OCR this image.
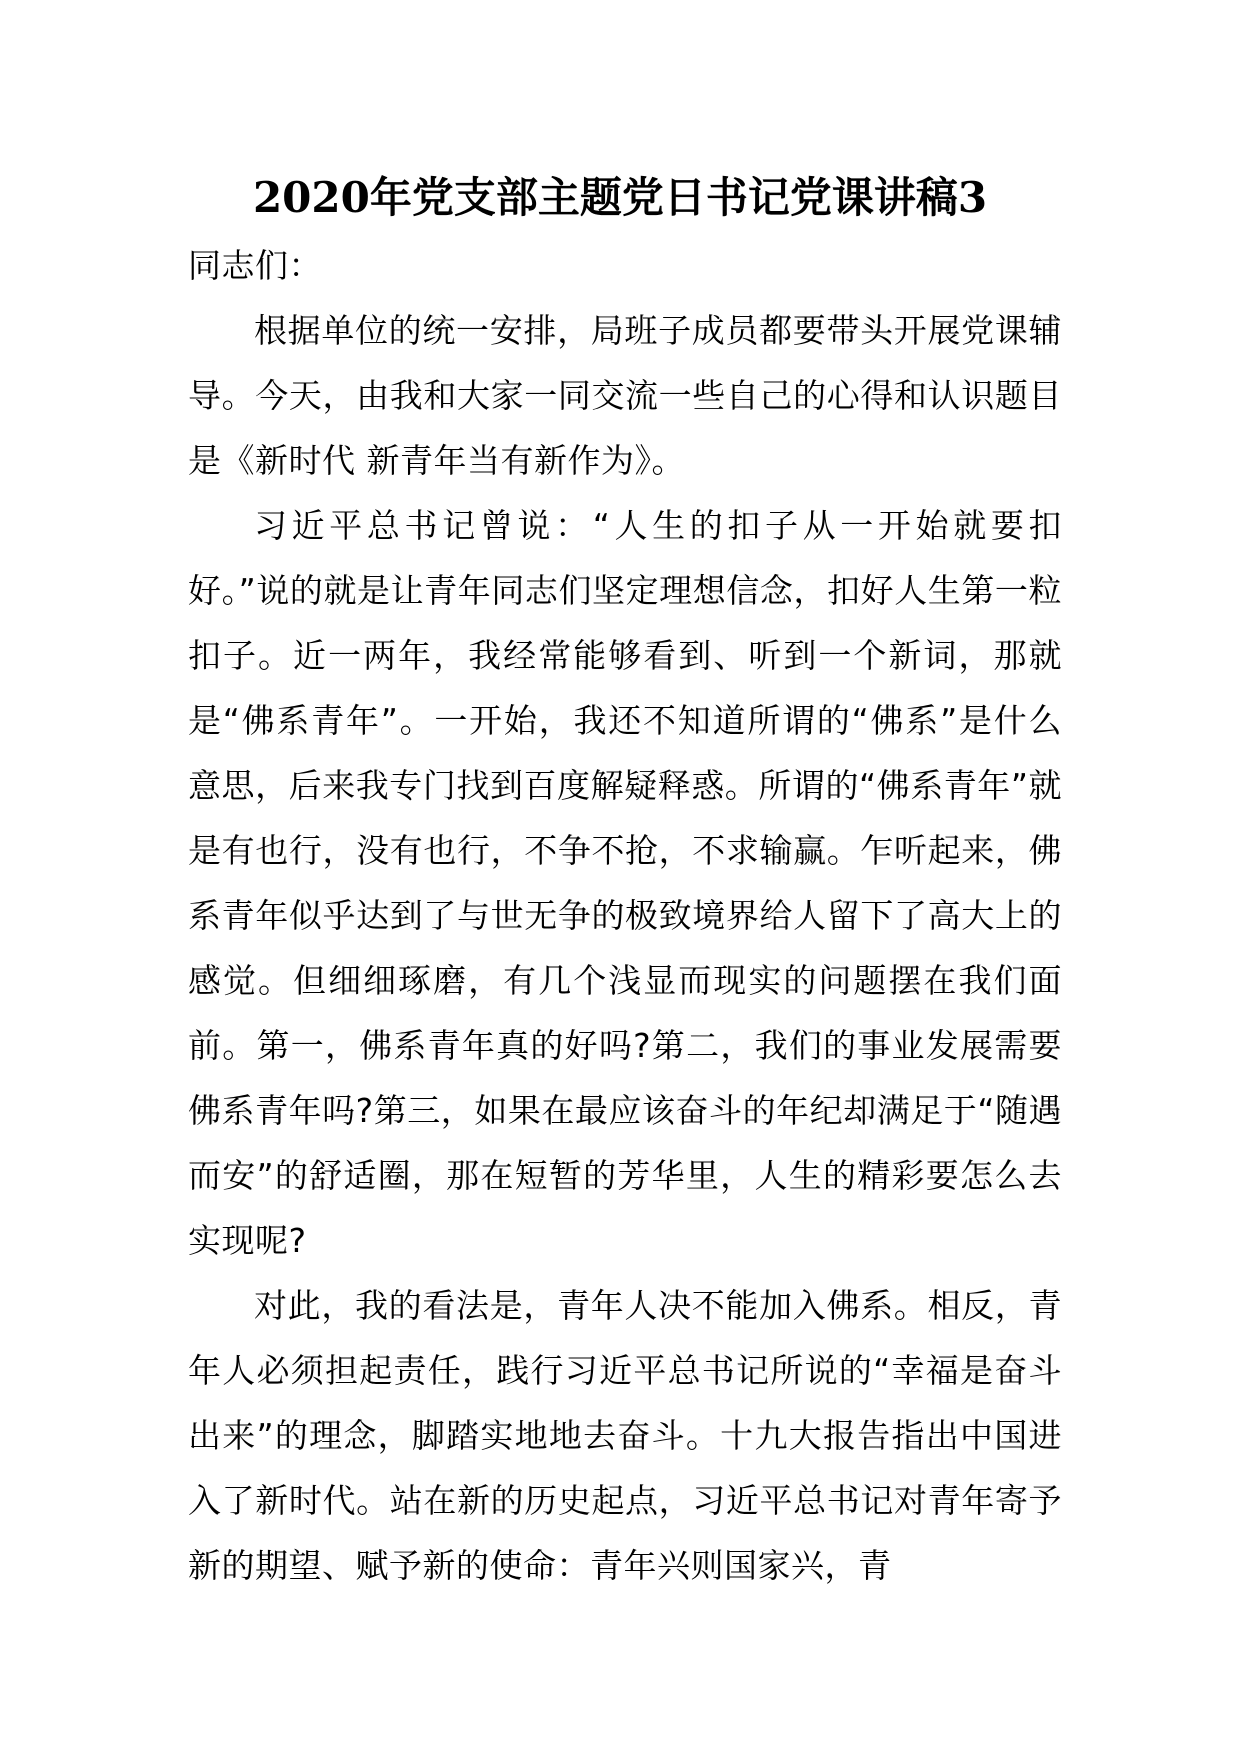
2020年党支部主题党日书记党课讲稿3

同志们：

根据单位的统一安排，局班子成员都要带头开展党课辅导。今天，由我和大家一同交流一些自己的心得和认识题目是《新时代 新青年当有新作为》。

习近平总书记曾说：“人生的扣子从一开始就要扣好。”说的就是让青年同志们坚定理想信念，扣好人生第一粒扣子。近一两年，我经常能够看到、听到一个新词，那就是“佛系青年”。一开始，我还不知道所谓的“佛系”是什么意思，后来我专门找到百度解疑释惑。所谓的“佛系青年”就是有也行，没有也行，不争不抢，不求输赢。乍听起来，佛系青年似乎达到了与世无争的极致境界给人留下了高大上的感觉。但细细琢磨，有几个浅显而现实的问题摆在我们面前。第一，佛系青年真的好吗?第二，我们的事业发展需要佛系青年吗?第三，如果在最应该奋斗的年纪却满足于“随遇而安”的舒适圈，那在短暂的芳华里，人生的精彩要怎么去实现呢?

对此，我的看法是，青年人决不能加入佛系。相反，青年人必须担起责任，践行习近平总书记所说的“幸福是奋斗出来”的理念，脚踏实地地去奋斗。十九大报告指出中国进入了新时代。站在新的历史起点，习近平总书记对青年寄予新的期望、赋予新的使命：青年兴则国家兴，青
